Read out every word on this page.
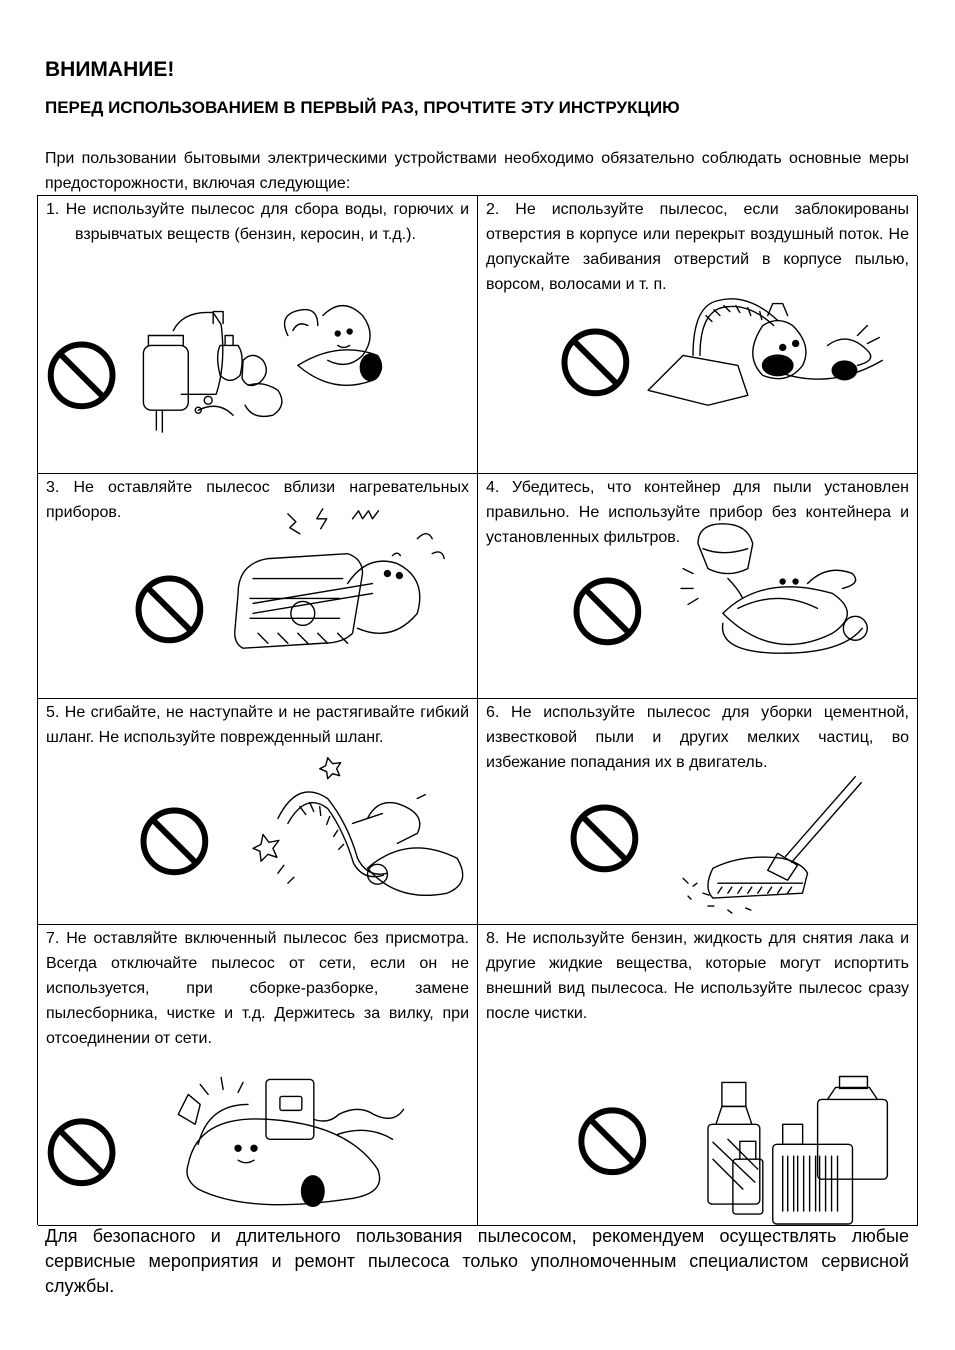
ВНИМАНИЕ!
ПЕРЕД ИСПОЛЬЗОВАНИЕМ В ПЕРВЫЙ РАЗ, ПРОЧТИТЕ ЭТУ ИНСТРУКЦИЮ

При пользовании бытовыми электрическими устройствами необходимо обязательно соблюдать основные меры предосторожности, включая следующие:

1. Не используйте пылесос для сбора воды, горючих и взрывчатых веществ (бензин, керосин, и т.д.).

2. Не используйте пылесос, если заблокированы отверстия в корпусе или перекрыт воздушный поток. Не допускайте забивания отверстий в корпусе пылью, ворсом, волосами и т. п.

3. Не оставляйте пылесос вблизи нагревательных приборов.

4. Убедитесь, что контейнер для пыли установлен правильно. Не используйте прибор без контейнера и установленных фильтров.

5. Не сгибайте, не наступайте и не растягивайте гибкий шланг. Не используйте поврежденный шланг.

6. Не используйте пылесос для уборки цементной, известковой пыли и других мелких частиц, во избежание попадания их в двигатель.

7. Не оставляйте включенный пылесос без присмотра. Всегда отключайте пылесос от сети, если он не используется, при сборке-разборке, замене пылесборника, чистке и т.д. Держитесь за вилку, при отсоединении от сети.

8. Не используйте бензин, жидкость для снятия лака и другие жидкие вещества, которые могут испортить внешний вид пылесоса. Не используйте пылесос сразу после чистки.

Для безопасного и длительного пользования пылесосом, рекомендуем осуществлять любые сервисные мероприятия и ремонт пылесоса только уполномоченным специалистом сервисной службы.
